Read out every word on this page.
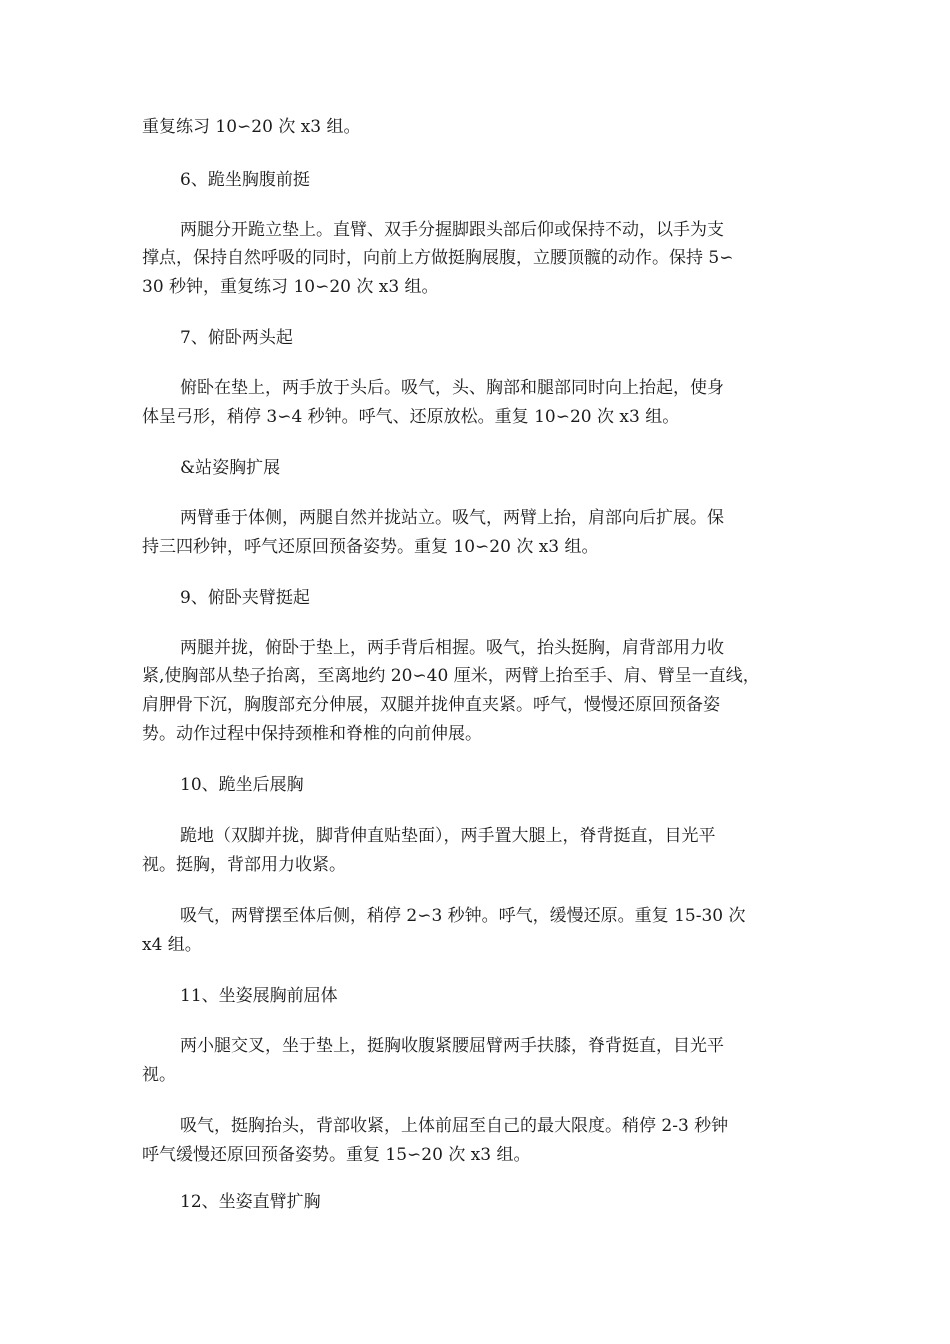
重复练习 10∽20 次 x3 组。
6、跪坐胸腹前挺
两腿分开跪立垫上。直臂、双手分握脚跟头部后仰或保持不动，以手为支
撑点，保持自然呼吸的同时，向前上方做挺胸展腹，立腰顶髋的动作。保持 5∽
30 秒钟，重复练习 10∽20 次 x3 组。
7、俯卧两头起
俯卧在垫上，两手放于头后。吸气，头、胸部和腿部同时向上抬起，使身
体呈弓形，稍停 3∽4 秒钟。呼气、还原放松。重复 10∽20 次 x3 组。
&站姿胸扩展
两臂垂于体侧，两腿自然并拢站立。吸气，两臂上抬，肩部向后扩展。保
持三四秒钟，呼气还原回预备姿势。重复 10∽20 次 x3 组。
9、俯卧夹臂挺起
两腿并拢，俯卧于垫上，两手背后相握。吸气，抬头挺胸，肩背部用力收
紧,使胸部从垫子抬离，至离地约 20∽40 厘米，两臂上抬至手、肩、臂呈一直线，
肩胛骨下沉，胸腹部充分伸展，双腿并拢伸直夹紧。呼气，慢慢还原回预备姿
势。动作过程中保持颈椎和脊椎的向前伸展。
10、跪坐后展胸
跪地（双脚并拢，脚背伸直贴垫面），两手置大腿上，脊背挺直，目光平
视。挺胸，背部用力收紧。
吸气，两臂摆至体后侧，稍停 2∽3 秒钟。呼气，缓慢还原。重复 15-30 次
x4 组。
11、坐姿展胸前屈体
两小腿交叉，坐于垫上，挺胸收腹紧腰屈臂两手扶膝，脊背挺直，目光平
视。
吸气，挺胸抬头，背部收紧，上体前屈至自己的最大限度。稍停 2-3 秒钟
呼气缓慢还原回预备姿势。重复 15∽20 次 x3 组。
12、坐姿直臂扩胸
